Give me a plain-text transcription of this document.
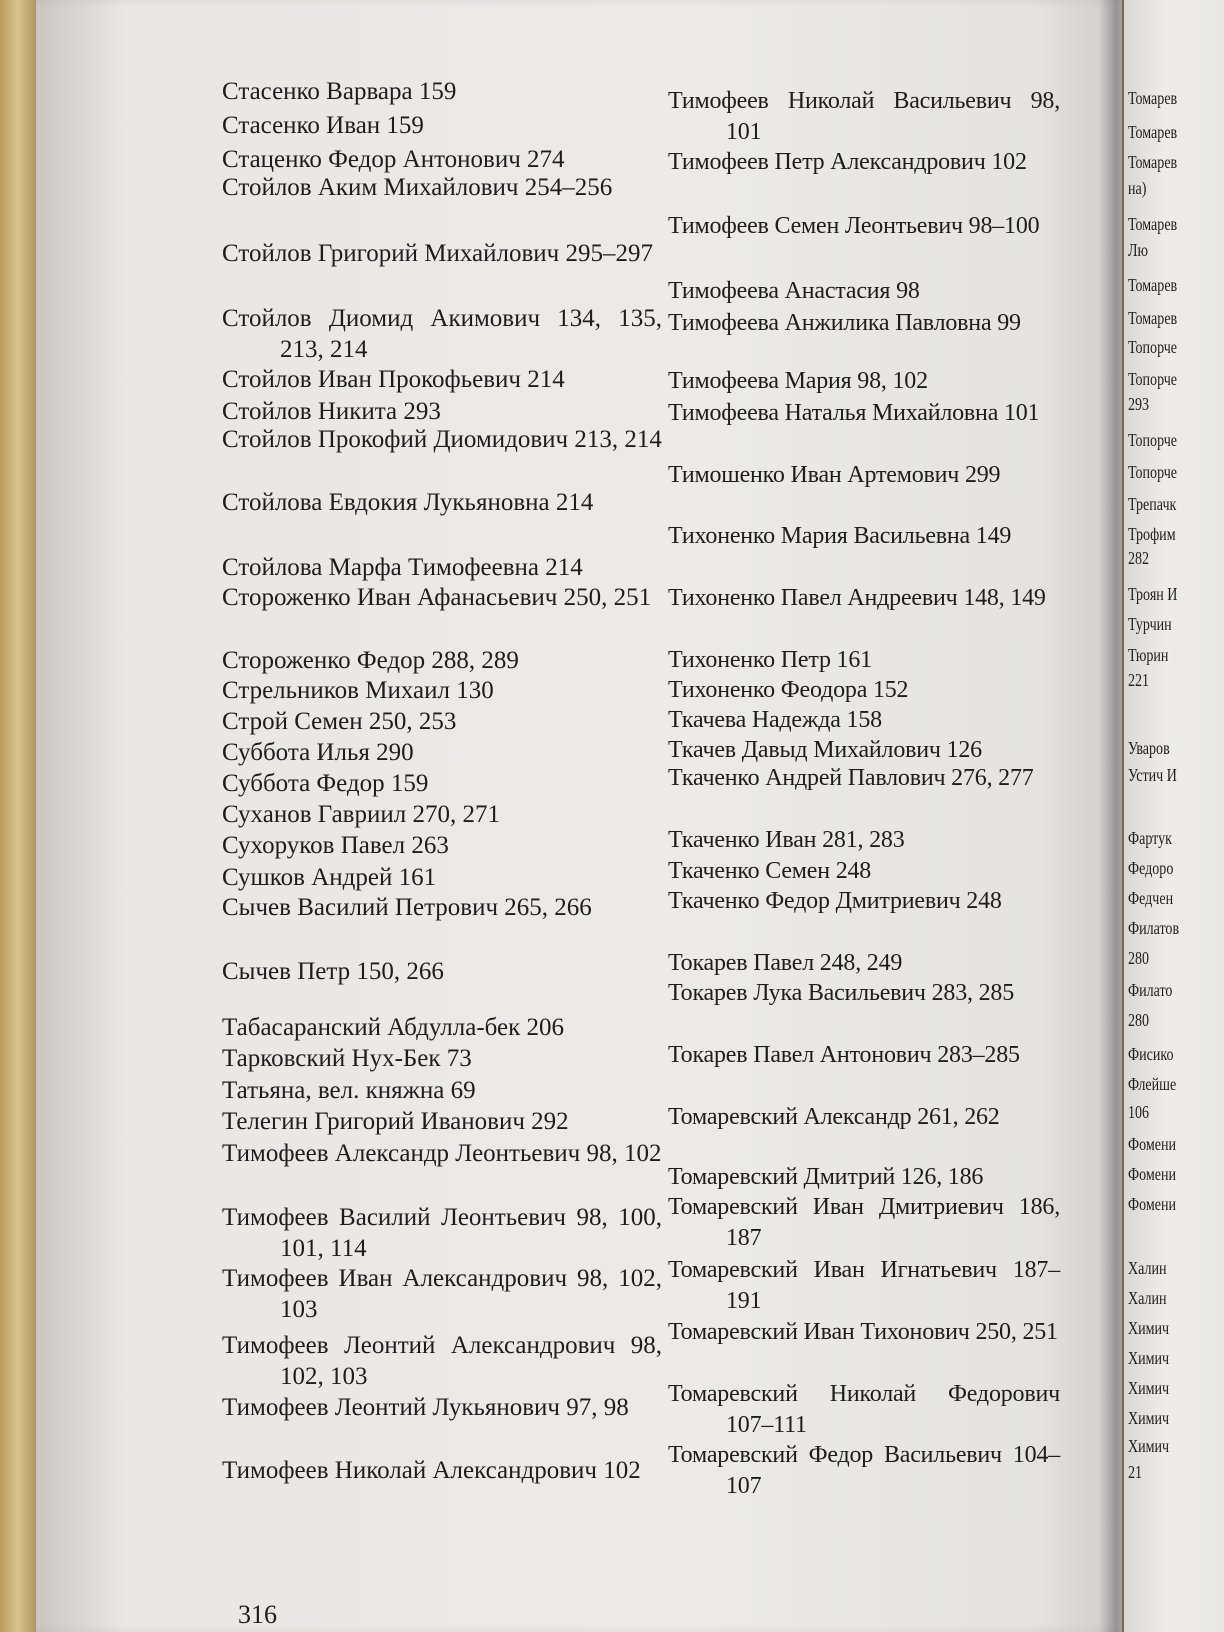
Стасенко Варвара 159
Стасенко Иван 159
Стаценко Федор Антонович 274
Стойлов Аким Михайлович 254–256
Стойлов Григорий Михайлович 295–297
Стойлов Диомид Акимович 134, 135, 213, 214
Стойлов Иван Прокофьевич 214
Стойлов Никита 293
Стойлов Прокофий Диомидович 213, 214
Стойлова Евдокия Лукьяновна 214
Стойлова Марфа Тимофеевна 214
Стороженко Иван Афанасьевич 250, 251
Стороженко Федор 288, 289
Стрельников Михаил 130
Строй Семен 250, 253
Суббота Илья 290
Суббота Федор 159
Суханов Гавриил 270, 271
Сухоруков Павел 263
Сушков Андрей 161
Сычев Василий Петрович 265, 266
Сычев Петр 150, 266
Табасаранский Абдулла-бек 206
Тарковский Нух-Бек 73
Татьяна, вел. княжна 69
Телегин Григорий Иванович 292
Тимофеев Александр Леонтьевич 98, 102
Тимофеев Василий Леонтьевич 98, 100, 101, 114
Тимофеев Иван Александрович 98, 102, 103
Тимофеев Леонтий Александрович 98, 102, 103
Тимофеев Леонтий Лукьянович 97, 98
Тимофеев Николай Александрович 102
Тимофеев Николай Васильевич 98, 101
Тимофеев Петр Александрович 102
Тимофеев Семен Леонтьевич 98–100
Тимофеева Анастасия 98
Тимофеева Анжилика Павловна 99
Тимофеева Мария 98, 102
Тимофеева Наталья Михайловна 101
Тимошенко Иван Артемович 299
Тихоненко Мария Васильевна 149
Тихоненко Павел Андреевич 148, 149
Тихоненко Петр 161
Тихоненко Феодора 152
Ткачева Надежда 158
Ткачев Давыд Михайлович 126
Ткаченко Андрей Павлович 276, 277
Ткаченко Иван 281, 283
Ткаченко Семен 248
Ткаченко Федор Дмитриевич 248
Токарев Павел 248, 249
Токарев Лука Васильевич 283, 285
Токарев Павел Антонович 283–285
Томаревский Александр 261, 262
Томаревский Дмитрий 126, 186
Томаревский Иван Дмитриевич 186, 187
Томаревский Иван Игнатьевич 187–191
Томаревский Иван Тихонович 250, 251
Томаревский Николай Федорович 107–111
Томаревский Федор Васильевич 104–107
316
Томарев
Томарев
Томарев
на)
Томарев
Лю
Томарев
Томарев
Топорче
Топорче
293
Топорче
Топорче
Трепачк
Трофим
282
Троян И
Турчин
Тюрин
221
Уваров
Устич И
Фартук
Федоро
Федчен
Филатов
280
Филато
280
Фисико
Флейше
106
Фомени
Фомени
Фомени
Халин
Халин
Химич
Химич
Химич
Химич
Химич
21
